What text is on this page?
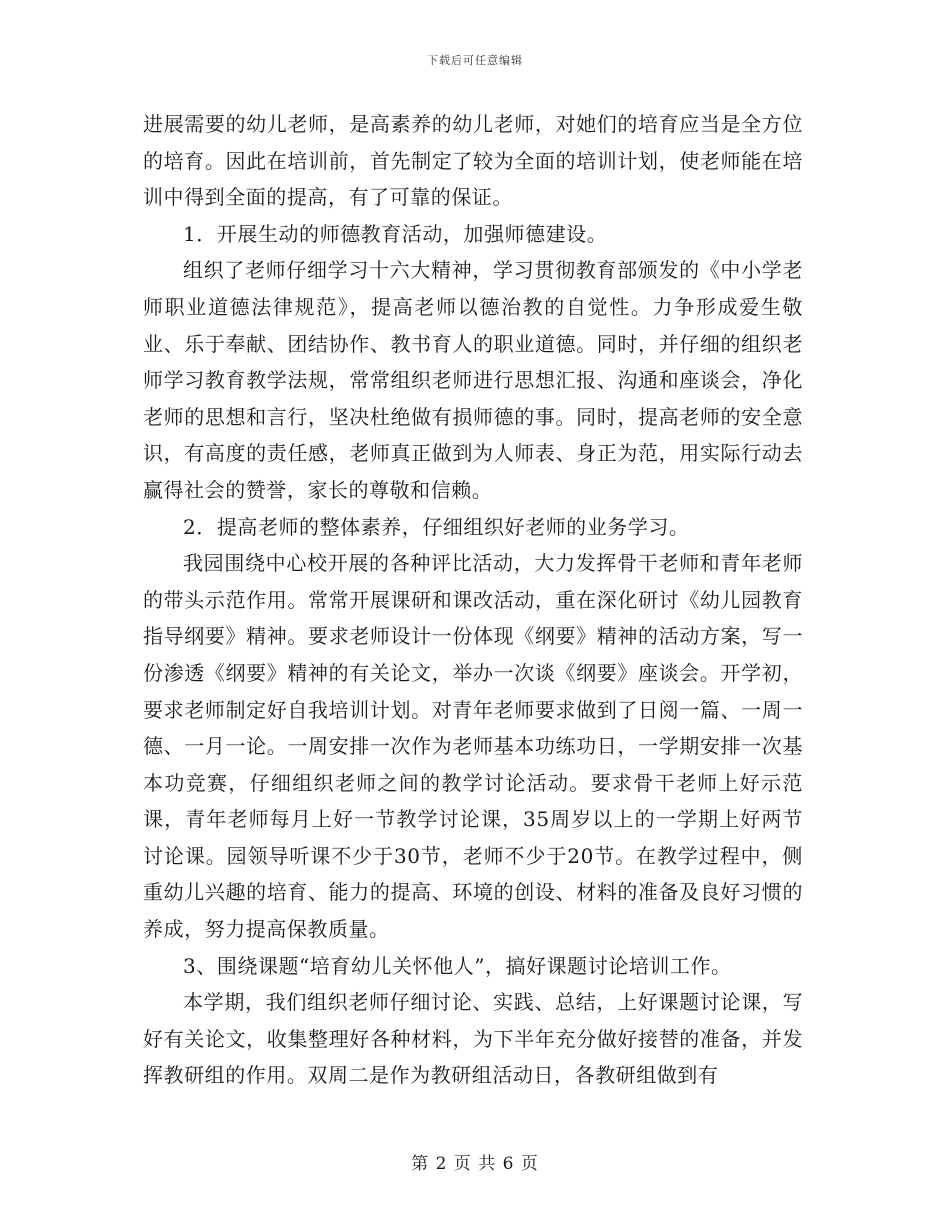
下载后可任意编辑

进展需要的幼儿老师，是高素养的幼儿老师，对她们的培育应当是全方位的培育。因此在培训前，首先制定了较为全面的培训计划，使老师能在培训中得到全面的提高，有了可靠的保证。

1．开展生动的师德教育活动，加强师德建设。

组织了老师仔细学习十六大精神，学习贯彻教育部颁发的《中小学老师职业道德法律规范》，提高老师以德治教的自觉性。力争形成爱生敬业、乐于奉献、团结协作、教书育人的职业道德。同时，并仔细的组织老师学习教育教学法规，常常组织老师进行思想汇报、沟通和座谈会，净化老师的思想和言行，坚决杜绝做有损师德的事。同时，提高老师的安全意识，有高度的责任感，老师真正做到为人师表、身正为范，用实际行动去赢得社会的赞誉，家长的尊敬和信赖。

2．提高老师的整体素养，仔细组织好老师的业务学习。

我园围绕中心校开展的各种评比活动，大力发挥骨干老师和青年老师的带头示范作用。常常开展课研和课改活动，重在深化研讨《幼儿园教育指导纲要》精神。要求老师设计一份体现《纲要》精神的活动方案，写一份渗透《纲要》精神的有关论文，举办一次谈《纲要》座谈会。开学初，要求老师制定好自我培训计划。对青年老师要求做到了日阅一篇、一周一德、一月一论。一周安排一次作为老师基本功练功日，一学期安排一次基本功竞赛，仔细组织老师之间的教学讨论活动。要求骨干老师上好示范课，青年老师每月上好一节教学讨论课，35周岁以上的一学期上好两节讨论课。园领导听课不少于30节，老师不少于20节。在教学过程中，侧重幼儿兴趣的培育、能力的提高、环境的创设、材料的准备及良好习惯的养成，努力提高保教质量。

3、围绕课题“培育幼儿关怀他人”，搞好课题讨论培训工作。

本学期，我们组织老师仔细讨论、实践、总结，上好课题讨论课，写好有关论文，收集整理好各种材料，为下半年充分做好接替的准备，并发挥教研组的作用。双周二是作为教研组活动日，各教研组做到有

第 2 页 共 6 页
